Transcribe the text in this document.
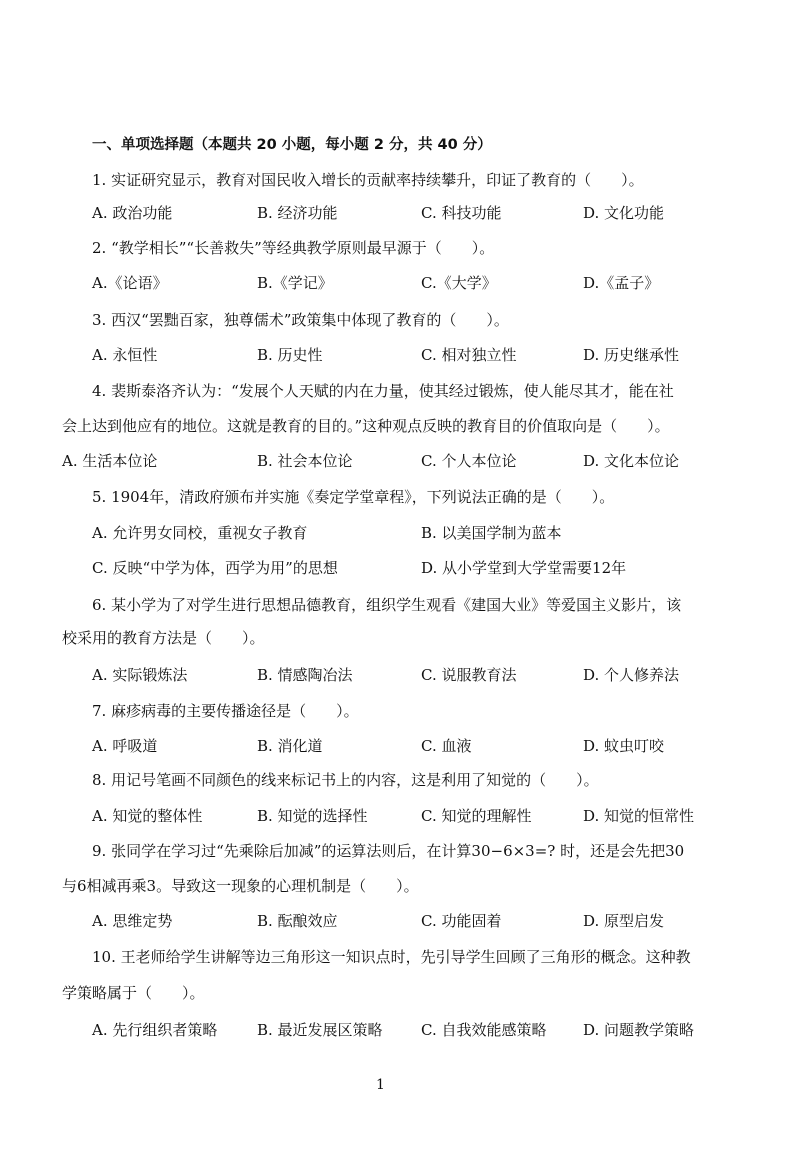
一、单项选择题（本题共 20 小题，每小题 2 分，共 40 分）
1. 实证研究显示，教育对国民收入增长的贡献率持续攀升，印证了教育的（　　）。
A. 政治功能	B. 经济功能	C. 科技功能	D. 文化功能
2. “教学相长”“长善救失”等经典教学原则最早源于（　　）。
A.《论语》	B.《学记》	C.《大学》	D.《孟子》
3. 西汉“罢黜百家，独尊儒术”政策集中体现了教育的（　　）。
A. 永恒性	B. 历史性	C. 相对独立性	D. 历史继承性
4. 裴斯泰洛齐认为：“发展个人天赋的内在力量，使其经过锻炼，使人能尽其才，能在社
会上达到他应有的地位。这就是教育的目的。”这种观点反映的教育目的价值取向是（　　）。
A. 生活本位论	B. 社会本位论	C. 个人本位论	D. 文化本位论
5. 1904年，清政府颁布并实施《奏定学堂章程》，下列说法正确的是（　　）。
A. 允许男女同校，重视女子教育	B. 以美国学制为蓝本
C. 反映“中学为体，西学为用”的思想	D. 从小学堂到大学堂需要12年
6. 某小学为了对学生进行思想品德教育，组织学生观看《建国大业》等爱国主义影片，该
校采用的教育方法是（　　）。
A. 实际锻炼法	B. 情感陶冶法	C. 说服教育法	D. 个人修养法
7. 麻疹病毒的主要传播途径是（　　）。
A. 呼吸道	B. 消化道	C. 血液	D. 蚊虫叮咬
8. 用记号笔画不同颜色的线来标记书上的内容，这是利用了知觉的（　　）。
A. 知觉的整体性	B. 知觉的选择性	C. 知觉的理解性	D. 知觉的恒常性
9. 张同学在学习过“先乘除后加减”的运算法则后，在计算30−6×3=? 时，还是会先把30
与6相减再乘3。导致这一现象的心理机制是（　　）。
A. 思维定势	B. 酝酿效应	C. 功能固着	D. 原型启发
10. 王老师给学生讲解等边三角形这一知识点时，先引导学生回顾了三角形的概念。这种教
学策略属于（　　）。
A. 先行组织者策略	B. 最近发展区策略	C. 自我效能感策略 D. 问题教学策略
1
